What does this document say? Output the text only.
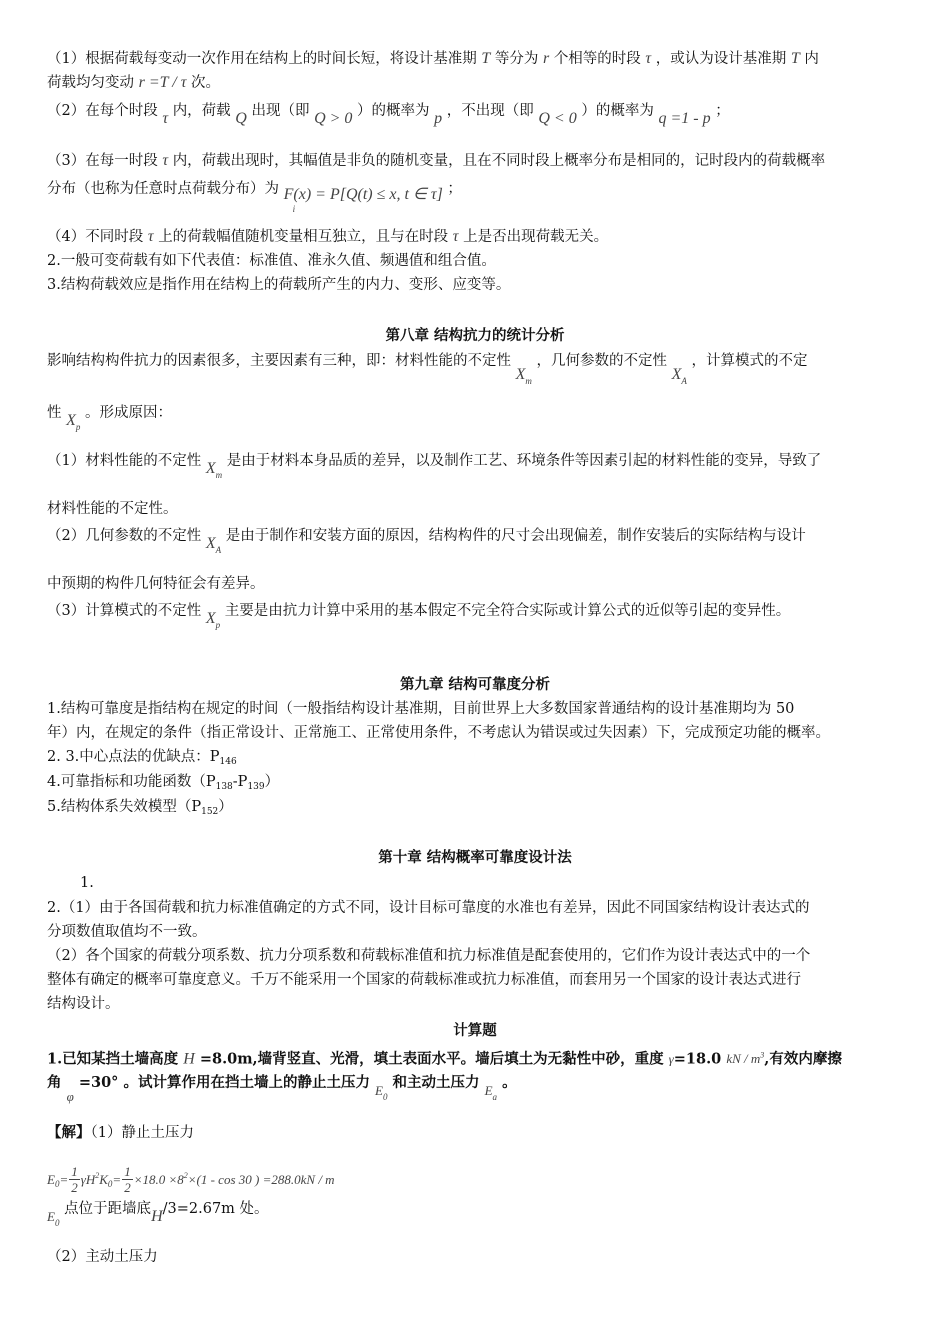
（1）根据荷载每变动一次作用在结构上的时间长短，将设计基准期 T 等分为 r 个相等的时段 τ ，或认为设计基准期 T 内
荷载均匀变动 r =T / τ 次。
（2）在每个时段 τ 内，荷载 Q 出现（即 Q > 0 ）的概率为 p ，不出现（即 Q < 0 ）的概率为 q =1 - p ；
（3）在每一时段 τ 内，荷载出现时，其幅值是非负的随机变量，且在不同时段上概率分布是相同的，记时段内的荷载概率
分布（也称为任意时点荷载分布）为 F(x) = P[Q(t) ≤ x, t ∈ τ]
i
；
（4）不同时段 τ 上的荷载幅值随机变量相互独立，且与在时段 τ 上是否出现荷载无关。
2.一般可变荷载有如下代表值：标准值、准永久值、频遇值和组合值。
3.结构荷载效应是指作用在结构上的荷载所产生的内力、变形、应变等。
第八章 结构抗力的统计分析
影响结构构件抗力的因素很多，主要因素有三种，即：材料性能的不定性 $X_m$ ，几何参数的不定性 $X_A$ ，计算模式的不定
性 $X_p$ 。形成原因：
（1）材料性能的不定性 $X_m$ 是由于材料本身品质的差异，以及制作工艺、环境条件等因素引起的材料性能的变异，导致了
材料性能的不定性。
（2）几何参数的不定性 $X_A$ 是由于制作和安装方面的原因，结构构件的尺寸会出现偏差，制作安装后的实际结构与设计
中预期的构件几何特征会有差异。
（3）计算模式的不定性 $X_p$ 主要是由抗力计算中采用的基本假定不完全符合实际或计算公式的近似等引起的变异性。
第九章 结构可靠度分析
1.结构可靠度是指结构在规定的时间（一般指结构设计基准期，目前世界上大多数国家普通结构的设计基准期均为 50
年）内，在规定的条件（指正常设计、正常施工、正常使用条件，不考虑认为错误或过失因素）下，完成预定功能的概率。
2. 3.中心点法的优缺点：$P_{146}$
4.可靠指标和功能函数$(P_{138}-P_{139})$
5.结构体系失效模型$(P_{152})$
第十章 结构概率可靠度设计法
1.
2.（1）由于各国荷载和抗力标准值确定的方式不同，设计目标可靠度的水准也有差异，因此不同国家结构设计表达式的
分项数值取值均不一致。
（2）各个国家的荷载分项系数、抗力分项系数和荷载标准值和抗力标准值是配套使用的，它们作为设计表达式中的一个
整体有确定的概率可靠度意义。千万不能采用一个国家的荷载标准或抗力标准值，而套用另一个国家的设计表达式进行
结构设计。
计算题
1.已知某挡土墙高度 H =8.0m,墙背竖直、光滑，填土表面水平。墙后填土为无黏性中砂，重度 γ=18.0 kN / $m^3$,有效内摩擦
角 φ =30° 。试计算作用在挡土墙上的静止土压力 $E_0$ 和主动土压力 $E_a$ 。
【解】（1）静止土压力
$E_0= \frac{1}{2} \gamma H^2K_0= \frac{1}{2} \times 18.0 \times 8^2\times(1 - \cos 30$ ) =288.0kN / m
$E_0$ 点位于距墙底H/3=2.67m 处。
（2）主动土压力
